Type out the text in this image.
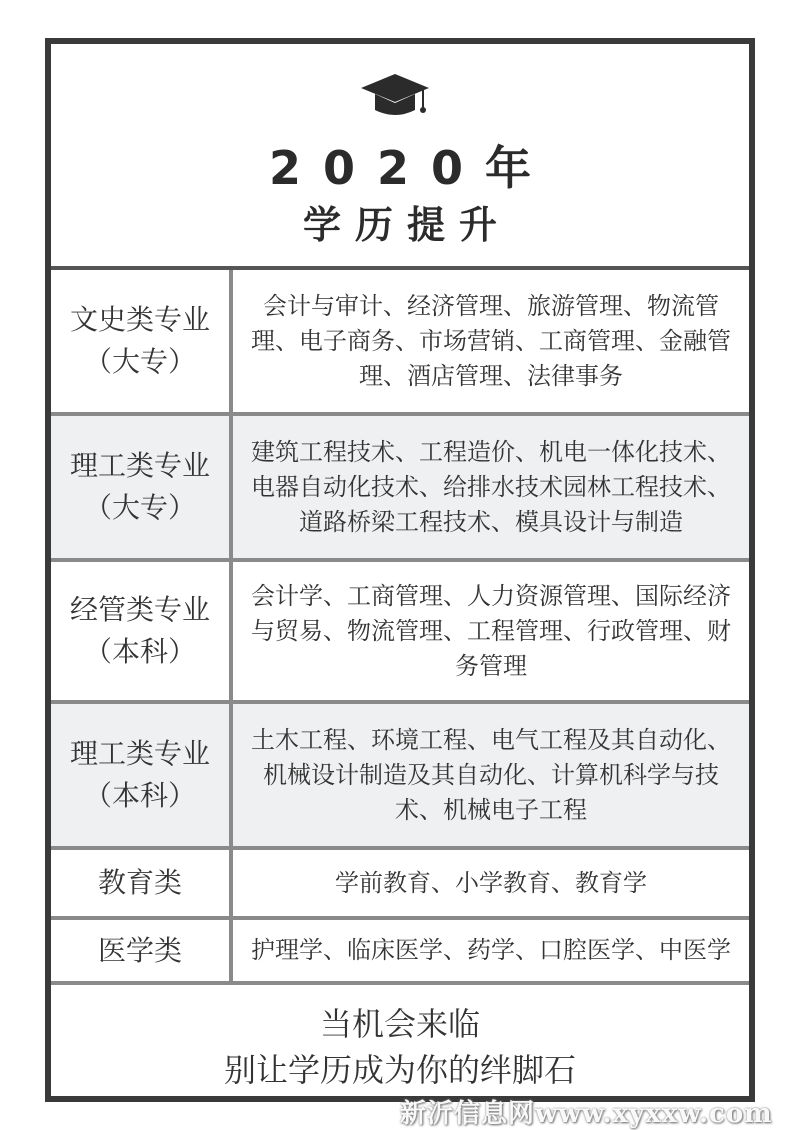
2020年
学历提升
文史类专业
（大专）
会计与审计、经济管理、旅游管理、物流管理、电子商务、市场营销、工商管理、金融管理、酒店管理、法律事务
理工类专业
（大专）
建筑工程技术、工程造价、机电一体化技术、电器自动化技术、给排水技术园林工程技术、道路桥梁工程技术、模具设计与制造
经管类专业
（本科）
会计学、工商管理、人力资源管理、国际经济与贸易、物流管理、工程管理、行政管理、财务管理
理工类专业
（本科）
土木工程、环境工程、电气工程及其自动化、机械设计制造及其自动化、计算机科学与技术、机械电子工程
教育类	学前教育、小学教育、教育学
医学类	护理学、临床医学、药学、口腔医学、中医学
当机会来临
别让学历成为你的绊脚石
新沂信息网www.xyxxw.com
